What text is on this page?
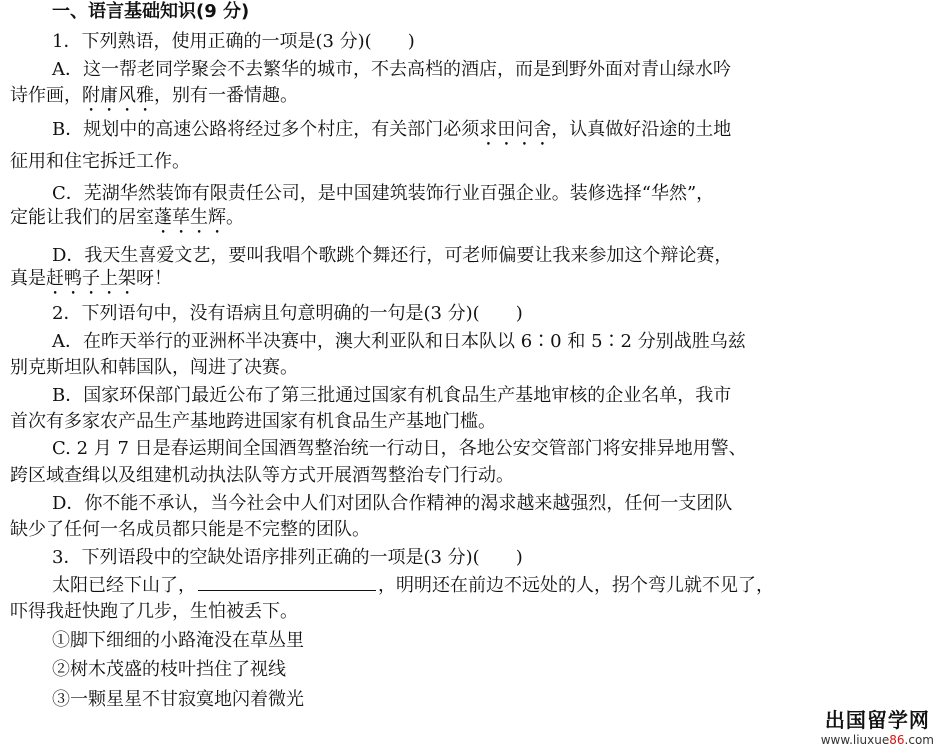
一、语言基础知识(9 分)
1．下列熟语，使用正确的一项是(3 分)(　　)
A．这一帮老同学聚会不去繁华的城市，不去高档的酒店，而是到野外面对青山绿水吟
诗作画，附庸风雅，别有一番情趣。
B．规划中的高速公路将经过多个村庄，有关部门必须求田问舍，认真做好沿途的土地
征用和住宅拆迁工作。
C．芜湖华然装饰有限责任公司，是中国建筑装饰行业百强企业。装修选择“华然”，
定能让我们的居室蓬荜生辉。
D．我天生喜爱文艺，要叫我唱个歌跳个舞还行，可老师偏要让我来参加这个辩论赛，
真是赶鸭子上架呀！
2．下列语句中，没有语病且句意明确的一句是(3 分)(　　)
A．在昨天举行的亚洲杯半决赛中，澳大利亚队和日本队以 6∶0 和 5∶2 分别战胜乌兹
别克斯坦队和韩国队，闯进了决赛。
B．国家环保部门最近公布了第三批通过国家有机食品生产基地审核的企业名单，我市
首次有多家农产品生产基地跨进国家有机食品生产基地门槛。
C. 2 月 7 日是春运期间全国酒驾整治统一行动日，各地公安交管部门将安排异地用警、
跨区域查缉以及组建机动执法队等方式开展酒驾整治专门行动。
D．你不能不承认，当今社会中人们对团队合作精神的渴求越来越强烈，任何一支团队
缺少了任何一名成员都只能是不完整的团队。
3．下列语段中的空缺处语序排列正确的一项是(3 分)(　　)
太阳已经下山了，	，明明还在前边不远处的人，拐个弯儿就不见了，
吓得我赶快跑了几步，生怕被丢下。
①脚下细细的小路淹没在草丛里
②树木茂盛的枝叶挡住了视线
③一颗星星不甘寂寞地闪着微光
出国留学网
www.liuxue86.com
